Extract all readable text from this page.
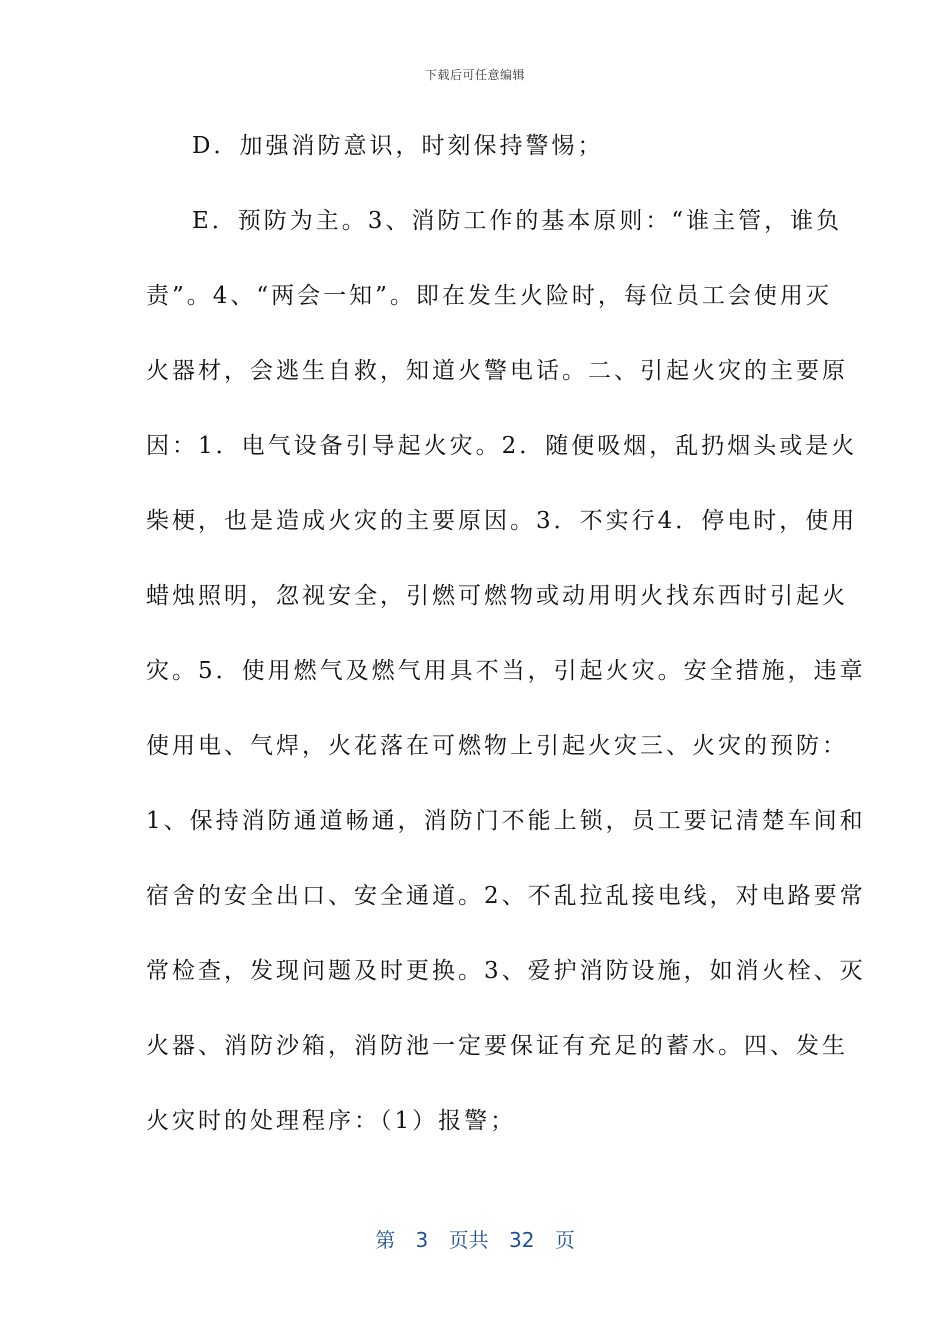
下载后可任意编辑
D．加强消防意识，时刻保持警惕；
E．预防为主。3、消防工作的基本原则：“谁主管，谁负
责”。4、“两会一知”。即在发生火险时，每位员工会使用灭
火器材，会逃生自救，知道火警电话。二、引起火灾的主要原
因：1．电气设备引导起火灾。2．随便吸烟，乱扔烟头或是火
柴梗，也是造成火灾的主要原因。3．不实行4．停电时，使用
蜡烛照明，忽视安全，引燃可燃物或动用明火找东西时引起火
灾。5．使用燃气及燃气用具不当，引起火灾。安全措施，违章
使用电、气焊，火花落在可燃物上引起火灾三、火灾的预防：
1、保持消防通道畅通，消防门不能上锁，员工要记清楚车间和
宿舍的安全出口、安全通道。2、不乱拉乱接电线，对电路要常
常检查，发现问题及时更换。3、爱护消防设施，如消火栓、灭
火器、消防沙箱，消防池一定要保证有充足的蓄水。四、发生
火灾时的处理程序：（1）报警；
第 3 页共 32 页
